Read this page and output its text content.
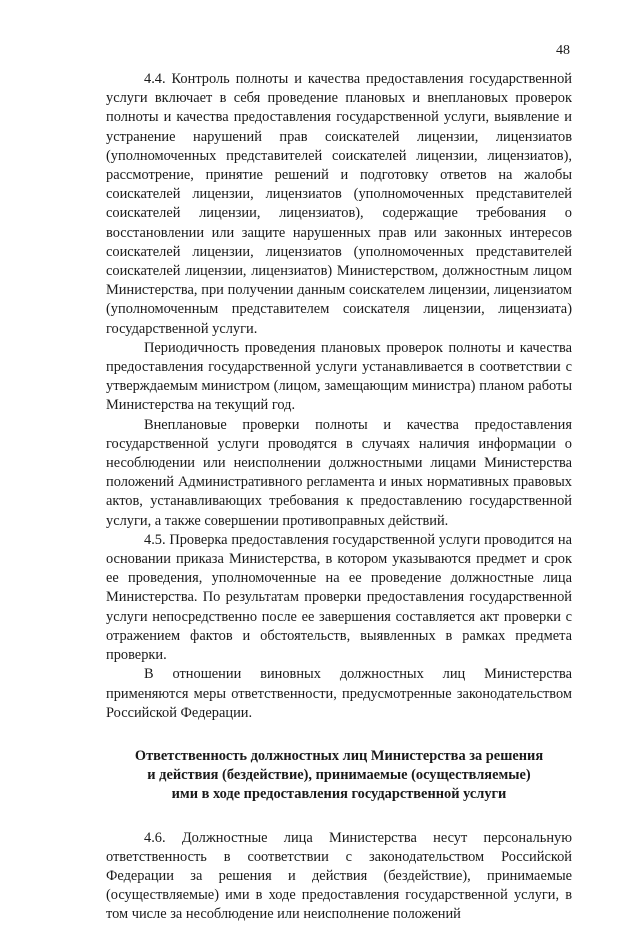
48

4.4. Контроль полноты и качества предоставления государственной услуги включает в себя проведение плановых и внеплановых проверок полноты и качества предоставления государственной услуги, выявление и устранение нарушений прав соискателей лицензии, лицензиатов (уполномоченных представителей соискателей лицензии, лицензиатов), рассмотрение, принятие решений и подготовку ответов на жалобы соискателей лицензии, лицензиатов (уполномоченных представителей соискателей лицензии, лицензиатов), содержащие требования о восстановлении или защите нарушенных прав или законных интересов соискателей лицензии, лицензиатов (уполномоченных представителей соискателей лицензии, лицензиатов) Министерством, должностным лицом Министерства, при получении данным соискателем лицензии, лицензиатом (уполномоченным представителем соискателя лицензии, лицензиата) государственной услуги.

Периодичность проведения плановых проверок полноты и качества предоставления государственной услуги устанавливается в соответствии с утверждаемым министром (лицом, замещающим министра) планом работы Министерства на текущий год.

Внеплановые проверки полноты и качества предоставления государственной услуги проводятся в случаях наличия информации о несоблюдении или неисполнении должностными лицами Министерства положений Административного регламента и иных нормативных правовых актов, устанавливающих требования к предоставлению государственной услуги, а также совершении противоправных действий.

4.5. Проверка предоставления государственной услуги проводится на основании приказа Министерства, в котором указываются предмет и срок ее проведения, уполномоченные на ее проведение должностные лица Министерства. По результатам проверки предоставления государственной услуги непосредственно после ее завершения составляется акт проверки с отражением фактов и обстоятельств, выявленных в рамках предмета проверки.

В отношении виновных должностных лиц Министерства применяются меры ответственности, предусмотренные законодательством Российской Федерации.

Ответственность должностных лиц Министерства за решения
и действия (бездействие), принимаемые (осуществляемые)
ими в ходе предоставления государственной услуги

4.6. Должностные лица Министерства несут персональную ответственность в соответствии с законодательством Российской Федерации за решения и действия (бездействие), принимаемые (осуществляемые) ими в ходе предоставления государственной услуги, в том числе за несоблюдение или неисполнение положений
